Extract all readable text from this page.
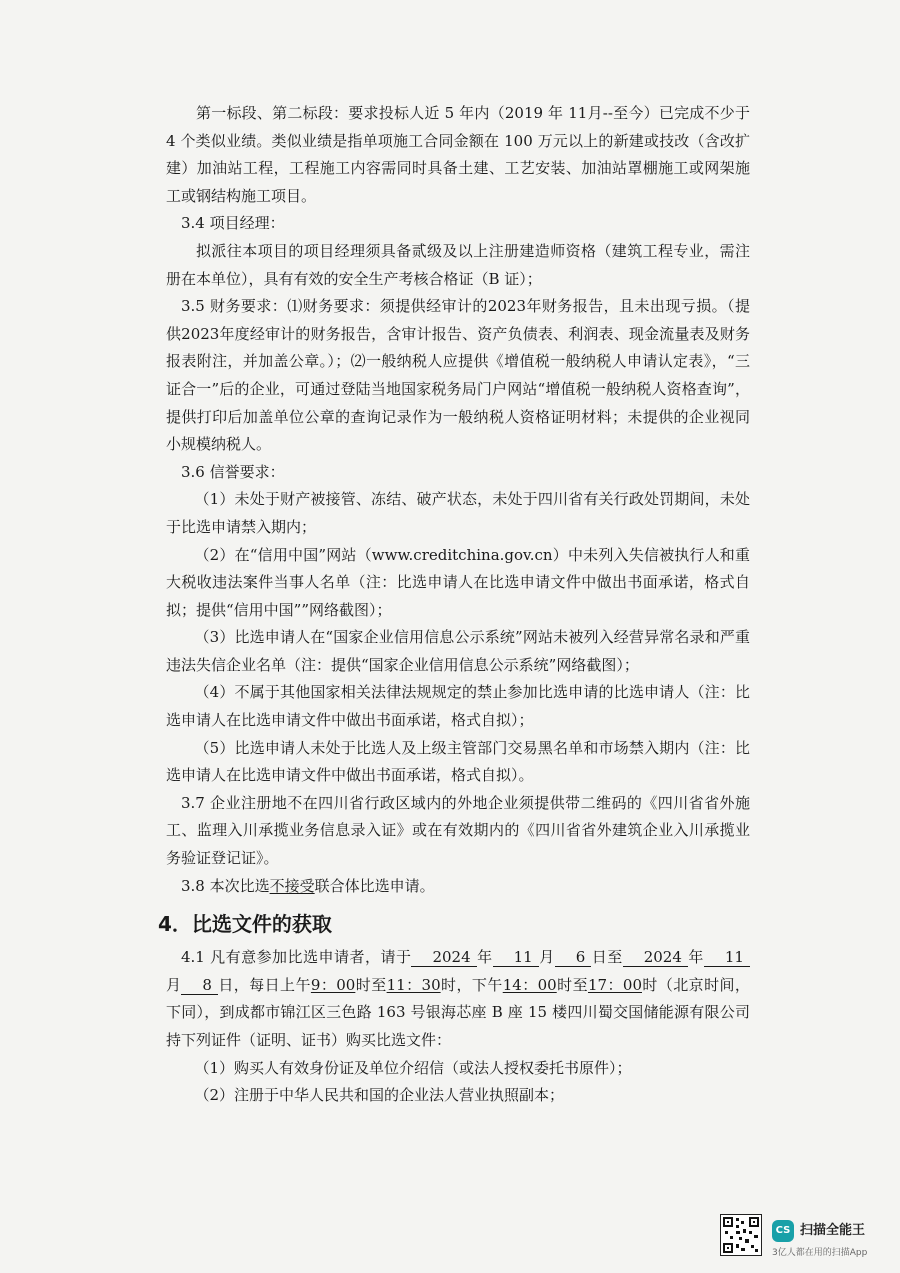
第一标段、第二标段：要求投标人近 5 年内（2019 年 11月--至今）已完成不少于 4 个类似业绩。类似业绩是指单项施工合同金额在 100 万元以上的新建或技改（含改扩建）加油站工程，工程施工内容需同时具备土建、工艺安装、加油站罩棚施工或网架施工或钢结构施工项目。

3.4 项目经理：

拟派往本项目的项目经理须具备贰级及以上注册建造师资格（建筑工程专业，需注册在本单位），具有有效的安全生产考核合格证（B 证）；

3.5 财务要求：⑴财务要求：须提供经审计的2023年财务报告，且未出现亏损。（提供2023年度经审计的财务报告，含审计报告、资产负债表、利润表、现金流量表及财务报表附注，并加盖公章。）；⑵一般纳税人应提供《增值税一般纳税人申请认定表》，“三证合一”后的企业，可通过登陆当地国家税务局门户网站“增值税一般纳税人资格查询”，提供打印后加盖单位公章的查询记录作为一般纳税人资格证明材料；未提供的企业视同小规模纳税人。

3.6 信誉要求：

（1）未处于财产被接管、冻结、破产状态，未处于四川省有关行政处罚期间，未处于比选申请禁入期内；

（2）在“信用中国”网站（www.creditchina.gov.cn）中未列入失信被执行人和重大税收违法案件当事人名单（注：比选申请人在比选申请文件中做出书面承诺，格式自拟；提供“信用中国””网络截图）；

（3）比选申请人在“国家企业信用信息公示系统”网站未被列入经营异常名录和严重违法失信企业名单（注：提供“国家企业信用信息公示系统”网络截图）；

（4）不属于其他国家相关法律法规规定的禁止参加比选申请的比选申请人（注：比选申请人在比选申请文件中做出书面承诺，格式自拟）；

（5）比选申请人未处于比选人及上级主管部门交易黑名单和市场禁入期内（注：比选申请人在比选申请文件中做出书面承诺，格式自拟）。

3.7 企业注册地不在四川省行政区域内的外地企业须提供带二维码的《四川省省外施工、监理入川承揽业务信息录入证》或在有效期内的《四川省省外建筑企业入川承揽业务验证登记证》。

3.8 本次比选不接受联合体比选申请。

4．比选文件的获取

4.1 凡有意参加比选申请者，请于 2024 年 11 月 6 日至 2024 年 11月 8 日，每日上午9：00时至11：30时，下午14：00时至17：00时（北京时间，下同），到成都市锦江区三色路 163 号银海芯座 B 座 15 楼四川蜀交国储能源有限公司持下列证件（证明、证书）购买比选文件：

（1）购买人有效身份证及单位介绍信（或法人授权委托书原件）；

（2）注册于中华人民共和国的企业法人营业执照副本；

CS 扫描全能王
3亿人都在用的扫描App
